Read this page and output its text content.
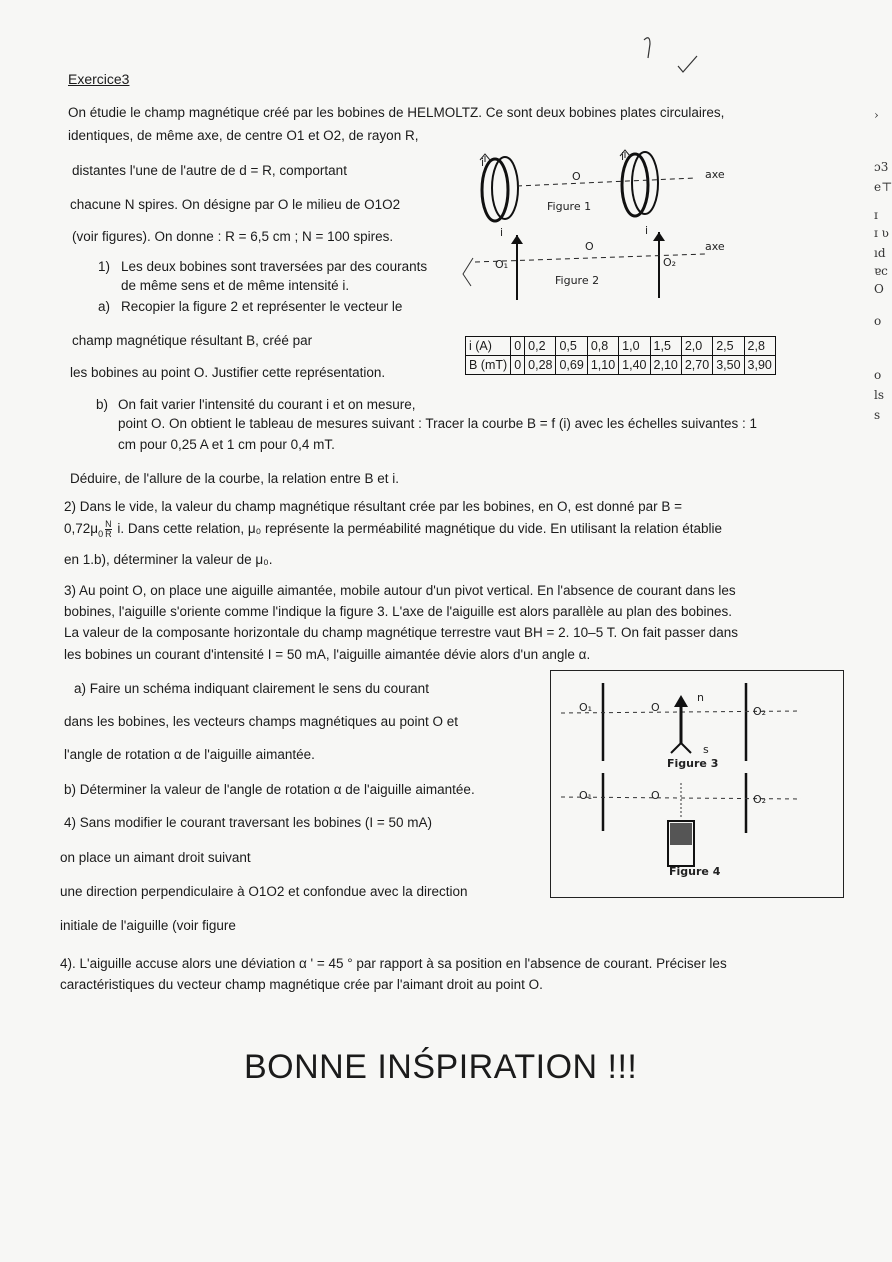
Exercice3

On étudie le champ magnétique créé par les bobines de HELMOLTZ. Ce sont deux bobines plates circulaires,

identiques, de même axe, de centre O1 et O2, de rayon R,

distantes l'une de l'autre de d = R, comportant

chacune N spires. On désigne par O le milieu de O1O2

(voir figures). On donne : R = 6,5 cm ; N = 100 spires.

1) Les deux bobines sont traversées par des courants

de même sens et de même intensité i.

a) Recopier la figure 2 et représenter le vecteur le

champ magnétique résultant B, créé par

les bobines au point O. Justifier cette représentation.

b) On fait varier l'intensité du courant i et on mesure,

point O. On obtient le tableau de mesures suivant : Tracer la courbe B = f (i) avec les échelles suivantes : 1

cm pour 0,25 A et 1 cm pour 0,4 mT.

Déduire, de l'allure de la courbe, la relation entre B et i.

i (A)	0	0,2	0,5	0,8	1,0	1,5	2,0	2,5	2,8
B (mT)	0	0,28	0,69	1,10	1,40	2,10	2,70	3,50	3,90
i	i
O	axe
Figure 1
i	i
O
O₁	O₂
axe
Figure 2

2) Dans le vide, la valeur du champ magnétique résultant crée par les bobines, en O, est donné par B =

$0,72\mu_0 \frac{N}{R} i$. Dans cette relation, μ₀ représente la perméabilité magnétique du vide. En utilisant la relation établie

en 1.b), déterminer la valeur de μ₀.

3) Au point O, on place une aiguille aimantée, mobile autour d'un pivot vertical. En l'absence de courant dans les

bobines, l'aiguille s'oriente comme l'indique la figure 3. L'axe de l'aiguille est alors parallèle au plan des bobines.

La valeur de la composante horizontale du champ magnétique terrestre vaut BH = 2. 10–5 T. On fait passer dans

les bobines un courant d'intensité I = 50 mA, l'aiguille aimantée dévie alors d'un angle α.

a) Faire un schéma indiquant clairement le sens du courant

dans les bobines, les vecteurs champs magnétiques au point O et

l'angle de rotation α de l'aiguille aimantée.

b) Déterminer la valeur de l'angle de rotation α de l'aiguille aimantée.

4) Sans modifier le courant traversant les bobines (I = 50 mA)

on place un aimant droit suivant

une direction perpendiculaire à O1O2 et confondue avec la direction

initiale de l'aiguille (voir figure

4). L'aiguille accuse alors une déviation α ' = 45 ° par rapport à sa position en l'absence de courant. Préciser les

caractéristiques du vecteur champ magnétique crée par l'aimant droit au point O.

O₁	O	O₂
n
s
Figure 3
O₁	O	O₂
Figure 4

BONNE INŚPIRATION !!!

›
ɔ3
e⊤
ɪ
ɪ ʋ
ıd
ɐc
O
o
o
ls
s
